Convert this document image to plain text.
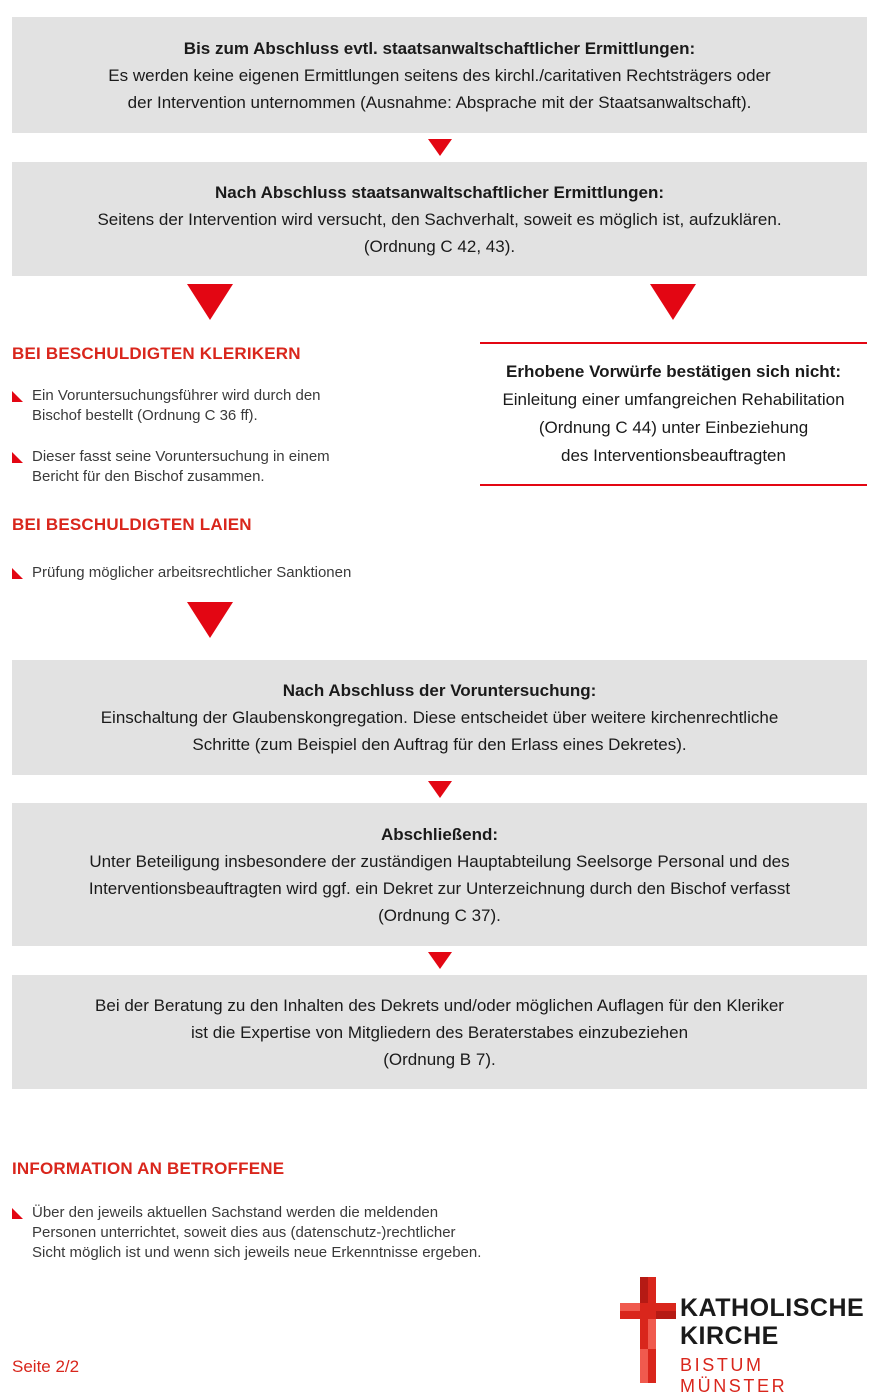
Bis zum Abschluss evtl. staatsanwaltschaftlicher Ermittlungen:
Es werden keine eigenen Ermittlungen seitens des kirchl./caritativen Rechtsträgers oder
der Intervention unternommen (Ausnahme: Absprache mit der Staatsanwaltschaft).
Nach Abschluss staatsanwaltschaftlicher Ermittlungen:
Seitens der Intervention wird versucht, den Sachverhalt, soweit es möglich ist, aufzuklären.
(Ordnung C 42, 43).
BEI BESCHULDIGTEN KLERIKERN
Ein Voruntersuchungsführer wird durch den
Bischof bestellt (Ordnung C 36 ff).
Dieser fasst seine Voruntersuchung in einem
Bericht für den Bischof zusammen.
Erhobene Vorwürfe bestätigen sich nicht:
Einleitung einer umfangreichen Rehabilitation
(Ordnung C 44) unter Einbeziehung
des Interventionsbeauftragten
BEI BESCHULDIGTEN LAIEN
Prüfung möglicher arbeitsrechtlicher Sanktionen
Nach Abschluss der Voruntersuchung:
Einschaltung der Glaubenskongregation. Diese entscheidet über weitere kirchenrechtliche
Schritte (zum Beispiel den Auftrag für den Erlass eines Dekretes).
Abschließend:
Unter Beteiligung insbesondere der zuständigen Hauptabteilung Seelsorge Personal und des
Interventionsbeauftragten wird ggf. ein Dekret zur Unterzeichnung durch den Bischof verfasst
(Ordnung C 37).
Bei der Beratung zu den Inhalten des Dekrets und/oder möglichen Auflagen für den Kleriker
ist die Expertise von Mitgliedern des Beraterstabes einzubeziehen
(Ordnung B 7).
INFORMATION AN BETROFFENE
Über den jeweils aktuellen Sachstand werden die meldenden
Personen unterrichtet, soweit dies aus (datenschutz-)rechtlicher
Sicht möglich ist und wenn sich jeweils neue Erkenntnisse ergeben.
Seite 2/2
KATHOLISCHE
KIRCHE
BISTUM MÜNSTER
